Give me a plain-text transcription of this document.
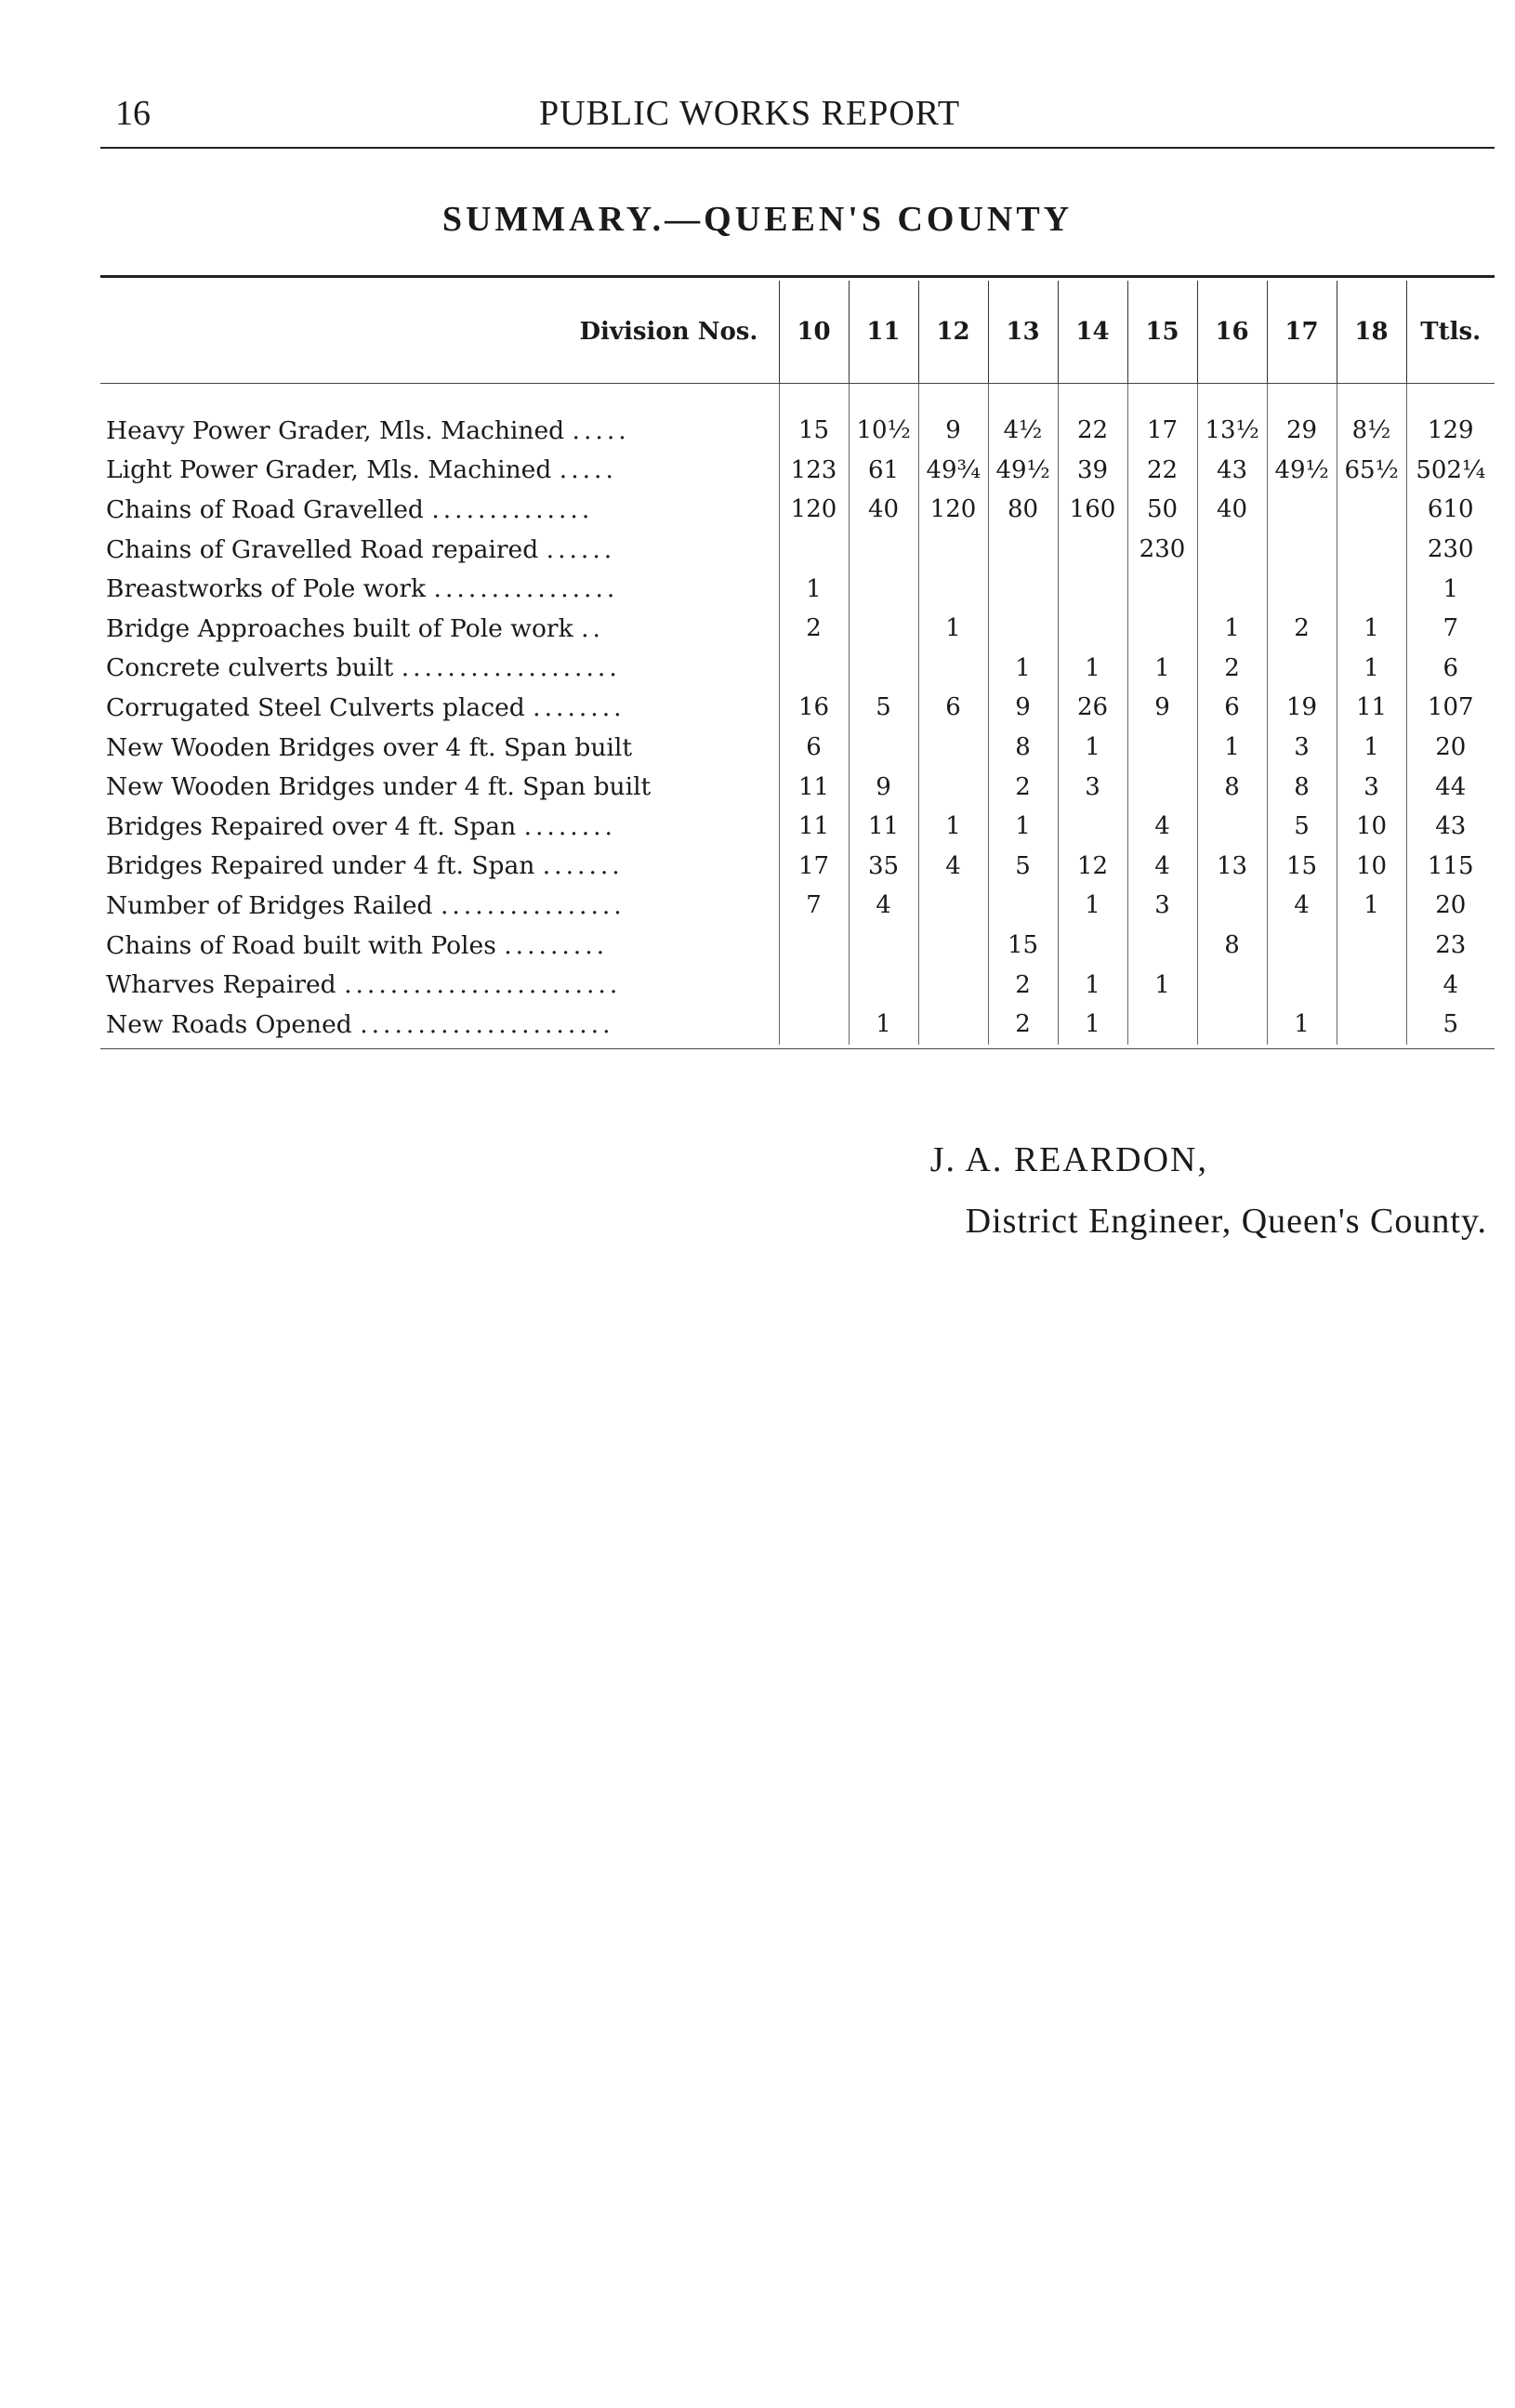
16	PUBLIC WORKS REPORT
SUMMARY.—QUEEN'S COUNTY
Division Nos.	10	11	12	13	14	15	16	17	18	Ttls.

Heavy Power Grader, Mls. Machined .....	15	10½	9	4½	22	17	13½	29	8½	129
Light Power Grader, Mls. Machined .....	123	61	49¾	49½	39	22	43	49½	65½	502¼
Chains of Road Gravelled ..............	120	40	120	80	160	50	40			610
Chains of Gravelled Road repaired ......						230				230
Breastworks of Pole work ................	1									1
Bridge Approaches built of Pole work ..	2		1				1	2	1	7
Concrete culverts built ...................				1	1	1	2		1	6
Corrugated Steel Culverts placed ........	16	5	6	9	26	9	6	19	11	107
New Wooden Bridges over 4 ft. Span built	6			8	1		1	3	1	20
New Wooden Bridges under 4 ft. Span built	11	9		2	3		8	8	3	44
Bridges Repaired over 4 ft. Span ........	11	11	1	1		4		5	10	43
Bridges Repaired under 4 ft. Span .......	17	35	4	5	12	4	13	15	10	115
Number of Bridges Railed ................	7	4			1	3		4	1	20
Chains of Road built with Poles .........				15			8			23
Wharves Repaired ........................				2	1	1				4
New Roads Opened ......................		1		2	1			1		5
J. A. REARDON,
District Engineer, Queen's County.
